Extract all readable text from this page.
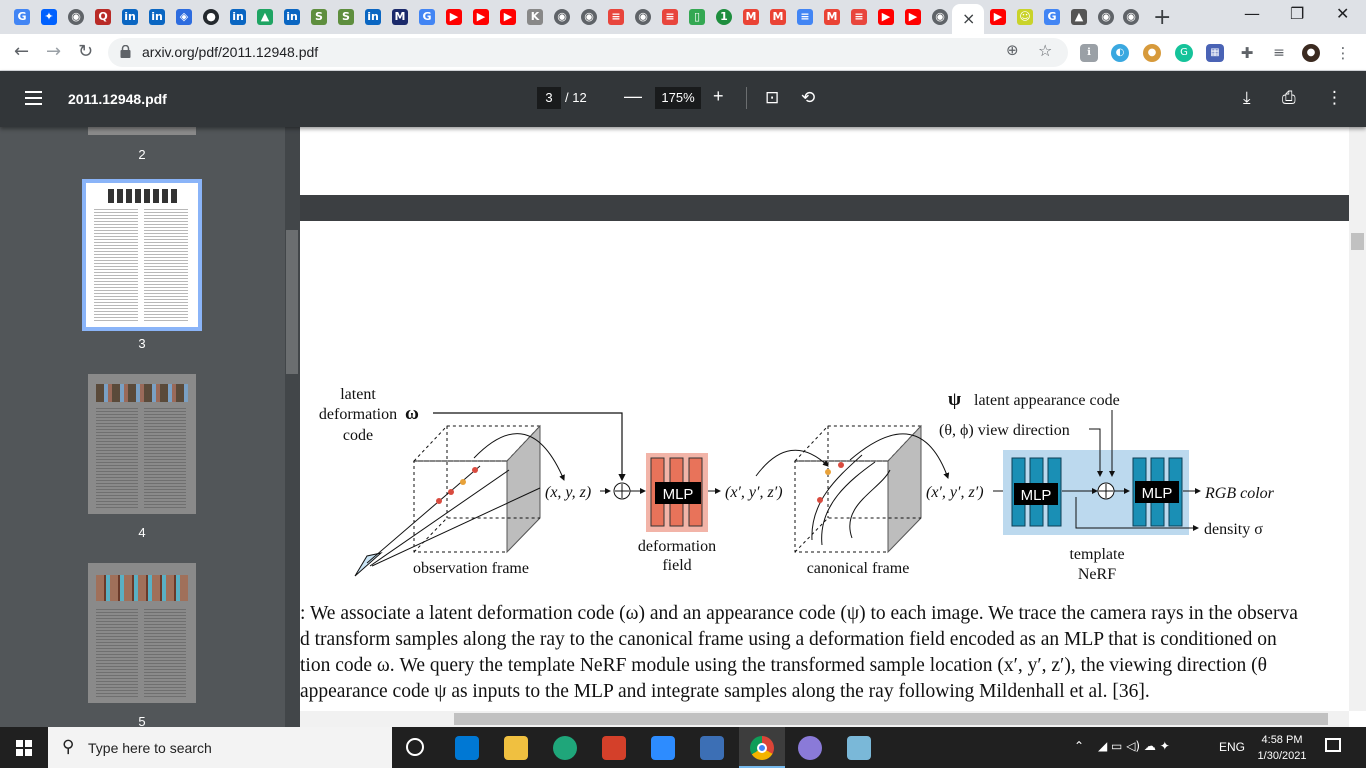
G	✦	◉	Q	in in	◈	● in	▲	in	S	S	in M	G	▶	▶	▶	K	◉ ◉	≡	◉	≡	▯	1	M M	≡	M	≡	▶	▶	◉ ×	▶	☺	G	▲	◉ ◉ +	— ❐ ✕
← → ↻	arxiv.org/pdf/2011.12948.pdf	⊕ ☆	ℹ	◐	●	G	▦ ✚ ≡	●	⋮
2011.12948.pdf	3 / 12 —	175%	+ ⊡ ⟲	⤓ ⎙ ⋮
2
3
4
5
latent
deformation
code
ω
observation frame
(x, y, z)	MLP
deformation
field
(x′, y′, z′)
canonical frame
(x′, y′, z′) MLP	MLP RGB color
density σ
ψ latent appearance code
(θ, ϕ) view direction
template
NeRF

: We associate a latent deformation code (ω) and an appearance code (ψ) to each image. We trace the camera rays in the observa

d transform samples along the ray to the canonical frame using a deformation field encoded as an MLP that is conditioned on

tion code ω. We query the template NeRF module using the transformed sample location (x′, y′, z′), the viewing direction (θ

appearance code ψ as inputs to the MLP and integrate samples along the ray following Mildenhall et al. [36].

⚲ Type here to search	⌃ ◢ ▭ ◁) ☁ ✦	ENG	4:58 PM
1/30/2021
